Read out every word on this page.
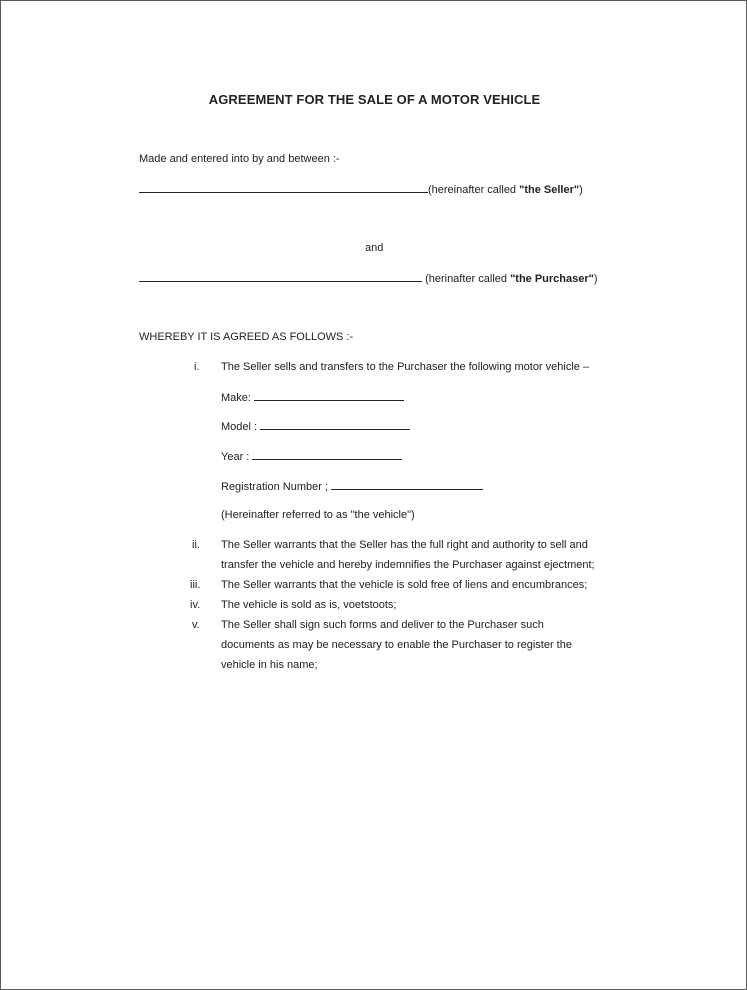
AGREEMENT FOR THE SALE OF A MOTOR VEHICLE
Made and entered into by and between :-
(hereinafter called "the Seller")
and
(herinafter called "the Purchaser")
WHEREBY IT IS AGREED AS FOLLOWS :-
i. The Seller sells and transfers to the Purchaser the following motor vehicle –
Make:
Model :
Year :
Registration Number ;
(Hereinafter referred to as "the vehicle")
ii. The Seller warrants that the Seller has the full right and authority to sell and
transfer the vehicle and hereby indemnifies the Purchaser against ejectment;
iii. The Seller warrants that the vehicle is sold free of liens and encumbrances;
iv. The vehicle is sold as is, voetstoots;
v. The Seller shall sign such forms and deliver to the Purchaser such
documents as may be necessary to enable the Purchaser to register the
vehicle in his name;
